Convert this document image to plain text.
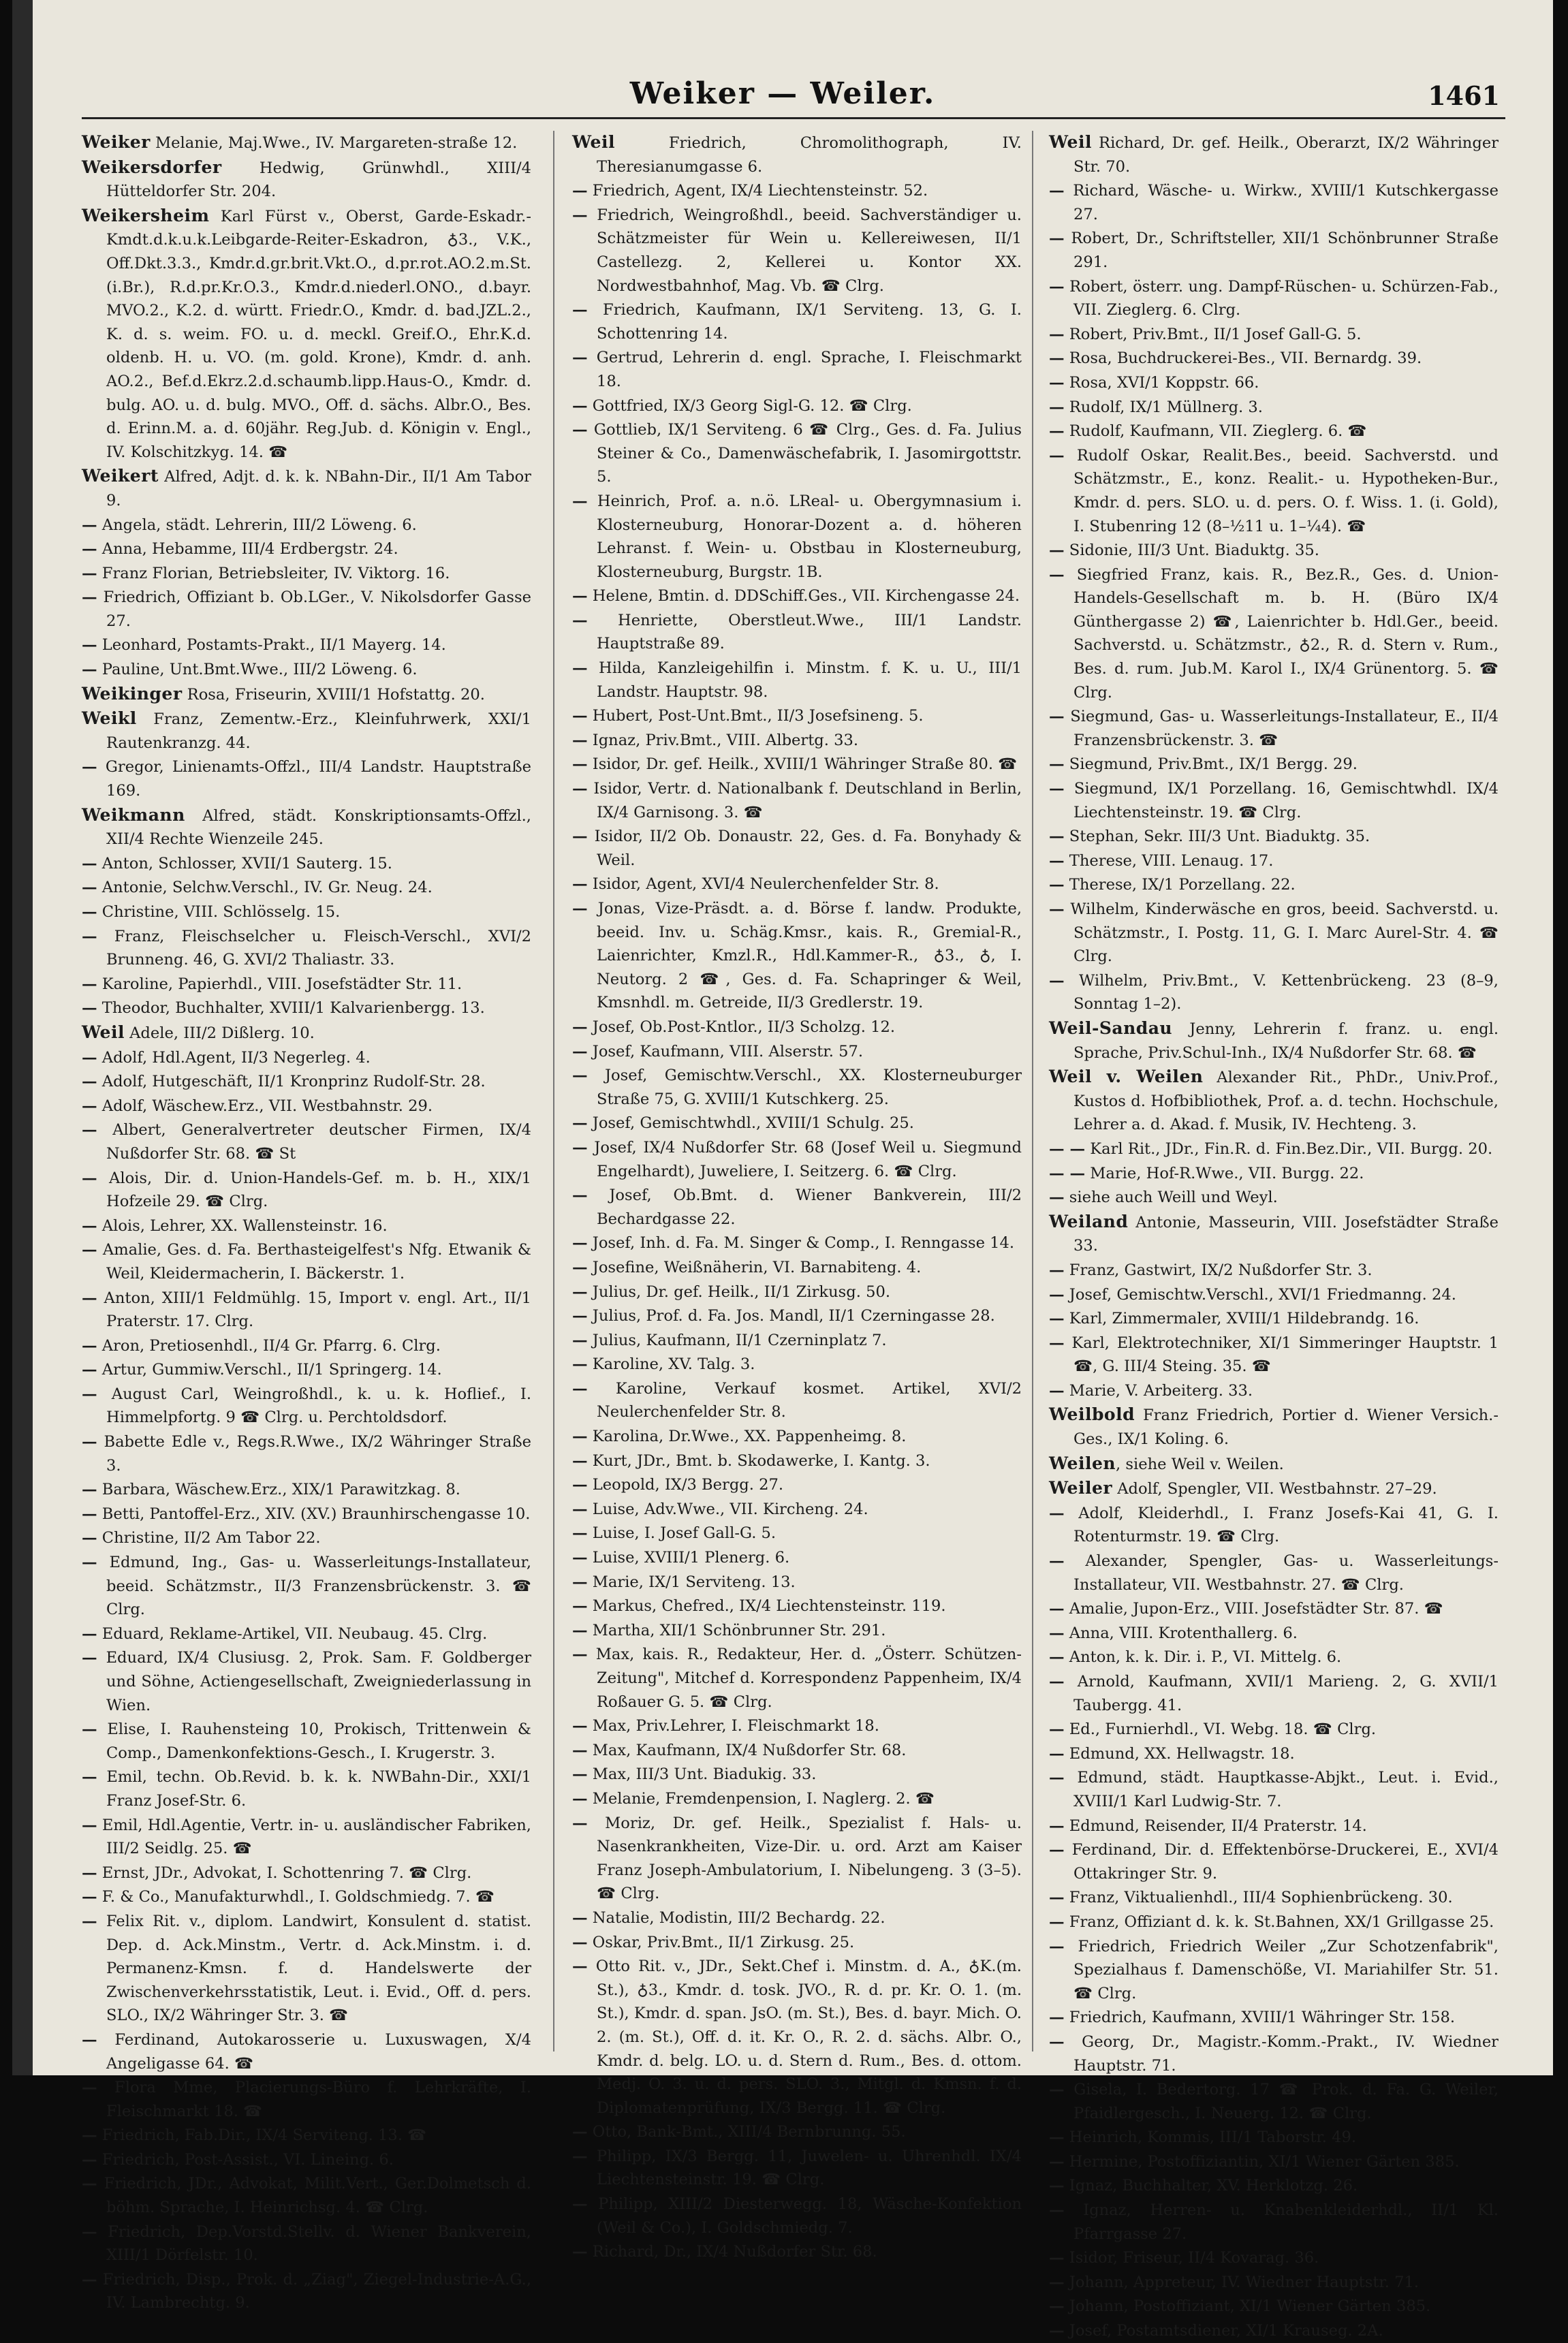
Weiker — Weiler.	1461

Weiker Melanie, Maj.Wwe., IV. Margareten-straße 12.

Weikersdorfer Hedwig, Grünwhdl., XIII/4 Hütteldorfer Str. 204.

Weikersheim Karl Fürst v., Oberst, Garde-Eskadr.-Kmdt.d.k.u.k.Leibgarde-Reiter-Eskadron, ♁3., V.K., Off.Dkt.3.3., Kmdr.d.gr.brit.Vkt.O., d.pr.rot.AO.2.m.St.(i.Br.), R.d.pr.Kr.O.3., Kmdr.d.niederl.ONO., d.bayr. MVO.2., K.2. d. württ. Friedr.O., Kmdr. d. bad.JZL.2., K. d. s. weim. FO. u. d. meckl. Greif.O., Ehr.K.d. oldenb. H. u. VO. (m. gold. Krone), Kmdr. d. anh. AO.2., Bef.d.Ekrz.2.d.schaumb.lipp.Haus-O., Kmdr. d. bulg. AO. u. d. bulg. MVO., Off. d. sächs. Albr.O., Bes. d. Erinn.M. a. d. 60jähr. Reg.Jub. d. Königin v. Engl., IV. Kolschitzkyg. 14. ☎

Weikert Alfred, Adjt. d. k. k. NBahn-Dir., II/1 Am Tabor 9.

— Angela, städt. Lehrerin, III/2 Löweng. 6.

— Anna, Hebamme, III/4 Erdbergstr. 24.

— Franz Florian, Betriebsleiter, IV. Viktorg. 16.

— Friedrich, Offiziant b. Ob.LGer., V. Nikolsdorfer Gasse 27.

— Leonhard, Postamts-Prakt., II/1 Mayerg. 14.

— Pauline, Unt.Bmt.Wwe., III/2 Löweng. 6.

Weikinger Rosa, Friseurin, XVIII/1 Hofstattg. 20.

Weikl Franz, Zementw.-Erz., Kleinfuhrwerk, XXI/1 Rautenkranzg. 44.

— Gregor, Linienamts-Offzl., III/4 Landstr. Hauptstraße 169.

Weikmann Alfred, städt. Konskriptionsamts-Offzl., XII/4 Rechte Wienzeile 245.

— Anton, Schlosser, XVII/1 Sauterg. 15.

— Antonie, Selchw.Verschl., IV. Gr. Neug. 24.

— Christine, VIII. Schlösselg. 15.

— Franz, Fleischselcher u. Fleisch-Verschl., XVI/2 Brunneng. 46, G. XVI/2 Thaliastr. 33.

— Karoline, Papierhdl., VIII. Josefstädter Str. 11.

— Theodor, Buchhalter, XVIII/1 Kalvarienbergg. 13.

Weil Adele, III/2 Dißlerg. 10.

— Adolf, Hdl.Agent, II/3 Negerleg. 4.

— Adolf, Hutgeschäft, II/1 Kronprinz Rudolf-Str. 28.

— Adolf, Wäschew.Erz., VII. Westbahnstr. 29.

— Albert, Generalvertreter deutscher Firmen, IX/4 Nußdorfer Str. 68. ☎ St

— Alois, Dir. d. Union-Handels-Gef. m. b. H., XIX/1 Hofzeile 29. ☎ Clrg.

— Alois, Lehrer, XX. Wallensteinstr. 16.

— Amalie, Ges. d. Fa. Berthasteigelfest's Nfg. Etwanik & Weil, Kleidermacherin, I. Bäckerstr. 1.

— Anton, XIII/1 Feldmühlg. 15, Import v. engl. Art., II/1 Praterstr. 17. Clrg.

— Aron, Pretiosenhdl., II/4 Gr. Pfarrg. 6. Clrg.

— Artur, Gummiw.Verschl., II/1 Springerg. 14.

— August Carl, Weingroßhdl., k. u. k. Hoflief., I. Himmelpfortg. 9 ☎ Clrg. u. Perchtoldsdorf.

— Babette Edle v., Regs.R.Wwe., IX/2 Währinger Straße 3.

— Barbara, Wäschew.Erz., XIX/1 Parawitzkag. 8.

— Betti, Pantoffel-Erz., XIV. (XV.) Braunhirschengasse 10.

— Christine, II/2 Am Tabor 22.

— Edmund, Ing., Gas- u. Wasserleitungs-Installateur, beeid. Schätzmstr., II/3 Franzensbrückenstr. 3. ☎ Clrg.

— Eduard, Reklame-Artikel, VII. Neubaug. 45. Clrg.

— Eduard, IX/4 Clusiusg. 2, Prok. Sam. F. Goldberger und Söhne, Actiengesellschaft, Zweigniederlassung in Wien.

— Elise, I. Rauhensteing 10, Prokisch, Trittenwein & Comp., Damenkonfektions-Gesch., I. Krugerstr. 3.

— Emil, techn. Ob.Revid. b. k. k. NWBahn-Dir., XXI/1 Franz Josef-Str. 6.

— Emil, Hdl.Agentie, Vertr. in- u. ausländischer Fabriken, III/2 Seidlg. 25. ☎

— Ernst, JDr., Advokat, I. Schottenring 7. ☎ Clrg.

— F. & Co., Manufakturwhdl., I. Goldschmiedg. 7. ☎

— Felix Rit. v., diplom. Landwirt, Konsulent d. statist. Dep. d. Ack.Minstm., Vertr. d. Ack.Minstm. i. d. Permanenz-Kmsn. f. d. Handelswerte der Zwischenverkehrsstatistik, Leut. i. Evid., Off. d. pers. SLO., IX/2 Währinger Str. 3. ☎

— Ferdinand, Autokarosserie u. Luxuswagen, X/4 Angeligasse 64. ☎

— Flora Mme, Placierungs-Büro f. Lehrkräfte, I. Fleischmarkt 18. ☎

— Friedrich, Fab.Dir., IX/4 Serviteng. 13. ☎

— Friedrich, Post-Assist., VI. Lineing. 6.

— Friedrich, JDr., Advokat, Milit.Vert., Ger.Dolmetsch d. böhm. Sprache, I. Heinrichsg. 4. ☎ Clrg.

— Friedrich, Dep.Vorstd.Stellv. d. Wiener Bankverein, XIII/1 Dörfelstr. 10.

— Friedrich, Disp., Prok. d. „Ziag", Ziegel-Industrie-A.G., IV. Lambrechtg. 9.

Weil Friedrich, Chromolithograph, IV. Theresianumgasse 6.

— Friedrich, Agent, IX/4 Liechtensteinstr. 52.

— Friedrich, Weingroßhdl., beeid. Sachverständiger u. Schätzmeister für Wein u. Kellereiwesen, II/1 Castellezg. 2, Kellerei u. Kontor XX. Nordwestbahnhof, Mag. Vb. ☎ Clrg.

— Friedrich, Kaufmann, IX/1 Serviteng. 13, G. I. Schottenring 14.

— Gertrud, Lehrerin d. engl. Sprache, I. Fleischmarkt 18.

— Gottfried, IX/3 Georg Sigl-G. 12. ☎ Clrg.

— Gottlieb, IX/1 Serviteng. 6 ☎ Clrg., Ges. d. Fa. Julius Steiner & Co., Damenwäschefabrik, I. Jasomirgottstr. 5.

— Heinrich, Prof. a. n.ö. LReal- u. Obergymnasium i. Klosterneuburg, Honorar-Dozent a. d. höheren Lehranst. f. Wein- u. Obstbau in Klosterneuburg, Klosterneuburg, Burgstr. 1B.

— Helene, Bmtin. d. DDSchiff.Ges., VII. Kirchengasse 24.

— Henriette, Oberstleut.Wwe., III/1 Landstr. Hauptstraße 89.

— Hilda, Kanzleigehilfin i. Minstm. f. K. u. U., III/1 Landstr. Hauptstr. 98.

— Hubert, Post-Unt.Bmt., II/3 Josefsineng. 5.

— Ignaz, Priv.Bmt., VIII. Albertg. 33.

— Isidor, Dr. gef. Heilk., XVIII/1 Währinger Straße 80. ☎

— Isidor, Vertr. d. Nationalbank f. Deutschland in Berlin, IX/4 Garnisong. 3. ☎

— Isidor, II/2 Ob. Donaustr. 22, Ges. d. Fa. Bonyhady & Weil.

— Isidor, Agent, XVI/4 Neulerchenfelder Str. 8.

— Jonas, Vize-Präsdt. a. d. Börse f. landw. Produkte, beeid. Inv. u. Schäg.Kmsr., kais. R., Gremial-R., Laienrichter, Kmzl.R., Hdl.Kammer-R., ♁3., ♁, I. Neutorg. 2 ☎, Ges. d. Fa. Schapringer & Weil, Kmsnhdl. m. Getreide, II/3 Gredlerstr. 19.

— Josef, Ob.Post-Kntlor., II/3 Scholzg. 12.

— Josef, Kaufmann, VIII. Alserstr. 57.

— Josef, Gemischtw.Verschl., XX. Klosterneuburger Straße 75, G. XVIII/1 Kutschkerg. 25.

— Josef, Gemischtwhdl., XVIII/1 Schulg. 25.

— Josef, IX/4 Nußdorfer Str. 68 (Josef Weil u. Siegmund Engelhardt), Juweliere, I. Seitzerg. 6. ☎ Clrg.

— Josef, Ob.Bmt. d. Wiener Bankverein, III/2 Bechardgasse 22.

— Josef, Inh. d. Fa. M. Singer & Comp., I. Renngasse 14.

— Josefine, Weißnäherin, VI. Barnabiteng. 4.

— Julius, Dr. gef. Heilk., II/1 Zirkusg. 50.

— Julius, Prof. d. Fa. Jos. Mandl, II/1 Czerningasse 28.

— Julius, Kaufmann, II/1 Czerninplatz 7.

— Karoline, XV. Talg. 3.

— Karoline, Verkauf kosmet. Artikel, XVI/2 Neulerchenfelder Str. 8.

— Karolina, Dr.Wwe., XX. Pappenheimg. 8.

— Kurt, JDr., Bmt. b. Skodawerke, I. Kantg. 3.

— Leopold, IX/3 Bergg. 27.

— Luise, Adv.Wwe., VII. Kircheng. 24.

— Luise, I. Josef Gall-G. 5.

— Luise, XVIII/1 Plenerg. 6.

— Marie, IX/1 Serviteng. 13.

— Markus, Chefred., IX/4 Liechtensteinstr. 119.

— Martha, XII/1 Schönbrunner Str. 291.

— Max, kais. R., Redakteur, Her. d. „Österr. Schützen-Zeitung", Mitchef d. Korrespondenz Pappenheim, IX/4 Roßauer G. 5. ☎ Clrg.

— Max, Priv.Lehrer, I. Fleischmarkt 18.

— Max, Kaufmann, IX/4 Nußdorfer Str. 68.

— Max, III/3 Unt. Biadukig. 33.

— Melanie, Fremdenpension, I. Naglerg. 2. ☎

— Moriz, Dr. gef. Heilk., Spezialist f. Hals- u. Nasenkrankheiten, Vize-Dir. u. ord. Arzt am Kaiser Franz Joseph-Ambulatorium, I. Nibelungeng. 3 (3–5). ☎ Clrg.

— Natalie, Modistin, III/2 Bechardg. 22.

— Oskar, Priv.Bmt., II/1 Zirkusg. 25.

— Otto Rit. v., JDr., Sekt.Chef i. Minstm. d. A., ♁K.(m. St.), ♁3., Kmdr. d. tosk. JVO., R. d. pr. Kr. O. 1. (m. St.), Kmdr. d. span. JsO. (m. St.), Bes. d. bayr. Mich. O. 2. (m. St.), Off. d. it. Kr. O., R. 2. d. sächs. Albr. O., Kmdr. d. belg. LO. u. d. Stern d. Rum., Bes. d. ottom. Medj. O. 3. u. d. pers. SLO. 3., Mitgl. d. Kmsn. f. d. Diplomatenprüfung, IX/3 Bergg. 11. ☎ Clrg.

— Otto, Bank-Bmt., XIII/4 Bernbrunng. 55.

— Philipp, IX/3 Bergg. 11, Juwelen- u. Uhrenhdl. IX/4 Liechtensteinstr. 19. ☎ Clrg.

— Philipp, XIII/2 Diesterwegg. 18, Wäsche-Konfektion (Weil & Co.), I. Goldschmiedg. 7.

— Richard, Dr., IX/4 Nußdorfer Str. 68.

Weil Richard, Dr. gef. Heilk., Oberarzt, IX/2 Währinger Str. 70.

— Richard, Wäsche- u. Wirkw., XVIII/1 Kutschkergasse 27.

— Robert, Dr., Schriftsteller, XII/1 Schönbrunner Straße 291.

— Robert, österr. ung. Dampf-Rüschen- u. Schürzen-Fab., VII. Zieglerg. 6. Clrg.

— Robert, Priv.Bmt., II/1 Josef Gall-G. 5.

— Rosa, Buchdruckerei-Bes., VII. Bernardg. 39.

— Rosa, XVI/1 Koppstr. 66.

— Rudolf, IX/1 Müllnerg. 3.

— Rudolf, Kaufmann, VII. Zieglerg. 6. ☎

— Rudolf Oskar, Realit.Bes., beeid. Sachverstd. und Schätzmstr., E., konz. Realit.- u. Hypotheken-Bur., Kmdr. d. pers. SLO. u. d. pers. O. f. Wiss. 1. (i. Gold), I. Stubenring 12 (8–½11 u. 1–¼4). ☎

— Sidonie, III/3 Unt. Biaduktg. 35.

— Siegfried Franz, kais. R., Bez.R., Ges. d. Union-Handels-Gesellschaft m. b. H. (Büro IX/4 Günthergasse 2) ☎, Laienrichter b. Hdl.Ger., beeid. Sachverstd. u. Schätzmstr., ♁2., R. d. Stern v. Rum., Bes. d. rum. Jub.M. Karol I., IX/4 Grünentorg. 5. ☎ Clrg.

— Siegmund, Gas- u. Wasserleitungs-Installateur, E., II/4 Franzensbrückenstr. 3. ☎

— Siegmund, Priv.Bmt., IX/1 Bergg. 29.

— Siegmund, IX/1 Porzellang. 16, Gemischtwhdl. IX/4 Liechtensteinstr. 19. ☎ Clrg.

— Stephan, Sekr. III/3 Unt. Biaduktg. 35.

— Therese, VIII. Lenaug. 17.

— Therese, IX/1 Porzellang. 22.

— Wilhelm, Kinderwäsche en gros, beeid. Sachverstd. u. Schätzmstr., I. Postg. 11, G. I. Marc Aurel-Str. 4. ☎ Clrg.

— Wilhelm, Priv.Bmt., V. Kettenbrückeng. 23 (8–9, Sonntag 1–2).

Weil-Sandau Jenny, Lehrerin f. franz. u. engl. Sprache, Priv.Schul-Inh., IX/4 Nußdorfer Str. 68. ☎

Weil v. Weilen Alexander Rit., PhDr., Univ.Prof., Kustos d. Hofbibliothek, Prof. a. d. techn. Hochschule, Lehrer a. d. Akad. f. Musik, IV. Hechteng. 3.

— — Karl Rit., JDr., Fin.R. d. Fin.Bez.Dir., VII. Burgg. 20.

— — Marie, Hof-R.Wwe., VII. Burgg. 22.

— siehe auch Weill und Weyl.

Weiland Antonie, Masseurin, VIII. Josefstädter Straße 33.

— Franz, Gastwirt, IX/2 Nußdorfer Str. 3.

— Josef, Gemischtw.Verschl., XVI/1 Friedmanng. 24.

— Karl, Zimmermaler, XVIII/1 Hildebrandg. 16.

— Karl, Elektrotechniker, XI/1 Simmeringer Hauptstr. 1 ☎, G. III/4 Steing. 35. ☎

— Marie, V. Arbeiterg. 33.

Weilbold Franz Friedrich, Portier d. Wiener Versich.-Ges., IX/1 Koling. 6.

Weilen, siehe Weil v. Weilen.

Weiler Adolf, Spengler, VII. Westbahnstr. 27–29.

— Adolf, Kleiderhdl., I. Franz Josefs-Kai 41, G. I. Rotenturmstr. 19. ☎ Clrg.

— Alexander, Spengler, Gas- u. Wasserleitungs-Installateur, VII. Westbahnstr. 27. ☎ Clrg.

— Amalie, Jupon-Erz., VIII. Josefstädter Str. 87. ☎

— Anna, VIII. Krotenthallerg. 6.

— Anton, k. k. Dir. i. P., VI. Mittelg. 6.

— Arnold, Kaufmann, XVII/1 Marieng. 2, G. XVII/1 Taubergg. 41.

— Ed., Furnierhdl., VI. Webg. 18. ☎ Clrg.

— Edmund, XX. Hellwagstr. 18.

— Edmund, städt. Hauptkasse-Abjkt., Leut. i. Evid., XVIII/1 Karl Ludwig-Str. 7.

— Edmund, Reisender, II/4 Praterstr. 14.

— Ferdinand, Dir. d. Effektenbörse-Druckerei, E., XVI/4 Ottakringer Str. 9.

— Franz, Viktualienhdl., III/4 Sophienbrückeng. 30.

— Franz, Offiziant d. k. k. St.Bahnen, XX/1 Grillgasse 25.

— Friedrich, Friedrich Weiler „Zur Schotzenfabrik", Spezialhaus f. Damenschöße, VI. Mariahilfer Str. 51. ☎ Clrg.

— Friedrich, Kaufmann, XVIII/1 Währinger Str. 158.

— Georg, Dr., Magistr.-Komm.-Prakt., IV. Wiedner Hauptstr. 71.

— Gisela, I. Bedertorg. 17 ☎ Prok. d. Fa. G. Weiler, Pfaidlergesch., I. Neuerg. 12. ☎ Clrg.

— Heinrich, Kommis, III/1 Taborstr. 49.

— Hermine, Postoffiziantin, XI/1 Wiener Gärten 385.

— Ignaz, Buchhalter, XV. Herklotzg. 26.

— Ignaz, Herren- u. Knabenkleiderhdl., II/1 Kl. Pfarrgasse 27.

— Isidor, Friseur, II/4 Kovarag. 36.

— Johann, Appreteur, IV. Wiedner Hauptstr. 71.

— Johann, Postoffiziant, XI/1 Wiener Gärten 385.

— Josef, Postamtsdiener, XI/1 Krauseg. 2A.
